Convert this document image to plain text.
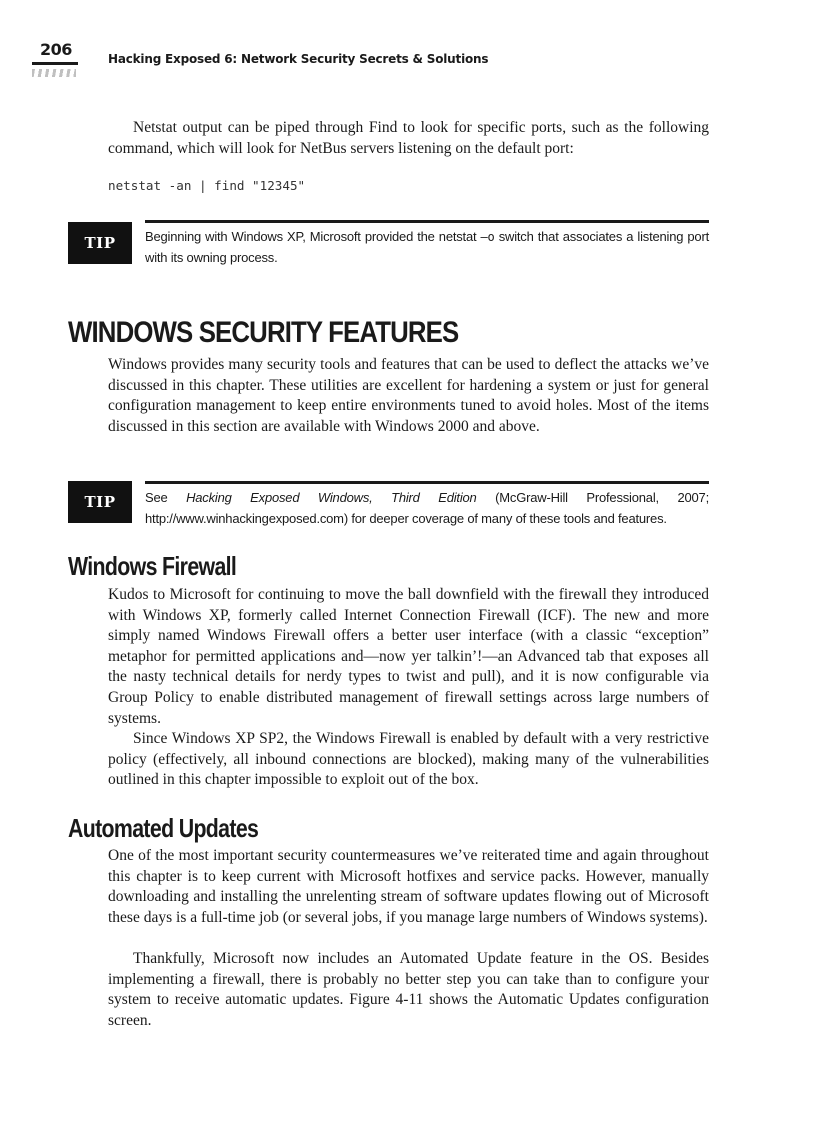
206	Hacking Exposed 6: Network Security Secrets & Solutions

Netstat output can be piped through Find to look for specific ports, such as the following command, which will look for NetBus servers listening on the default port:

netstat -an | find "12345"
TIP Beginning with Windows XP, Microsoft provided the netstat –o switch that associates a listening port with its owning process.

WINDOWS SECURITY FEATURES

Windows provides many security tools and features that can be used to deflect the attacks we’ve discussed in this chapter. These utilities are excellent for hardening a system or just for general configuration management to keep entire environments tuned to avoid holes. Most of the items discussed in this section are available with Windows 2000 and above.

TIP See Hacking Exposed Windows, Third Edition (McGraw-Hill Professional, 2007; http://www.winhackingexposed.com) for deeper coverage of many of these tools and features.

Windows Firewall

Kudos to Microsoft for continuing to move the ball downfield with the firewall they introduced with Windows XP, formerly called Internet Connection Firewall (ICF). The new and more simply named Windows Firewall offers a better user interface (with a classic “exception” metaphor for permitted applications and—now yer talkin’!—an Advanced tab that exposes all the nasty technical details for nerdy types to twist and pull), and it is now configurable via Group Policy to enable distributed management of firewall settings across large numbers of systems.

Since Windows XP SP2, the Windows Firewall is enabled by default with a very restrictive policy (effectively, all inbound connections are blocked), making many of the vulnerabilities outlined in this chapter impossible to exploit out of the box.

Automated Updates

One of the most important security countermeasures we’ve reiterated time and again throughout this chapter is to keep current with Microsoft hotfixes and service packs. However, manually downloading and installing the unrelenting stream of software updates flowing out of Microsoft these days is a full-time job (or several jobs, if you manage large numbers of Windows systems).

Thankfully, Microsoft now includes an Automated Update feature in the OS. Besides implementing a firewall, there is probably no better step you can take than to configure your system to receive automatic updates. Figure 4-11 shows the Automatic Updates configuration screen.
